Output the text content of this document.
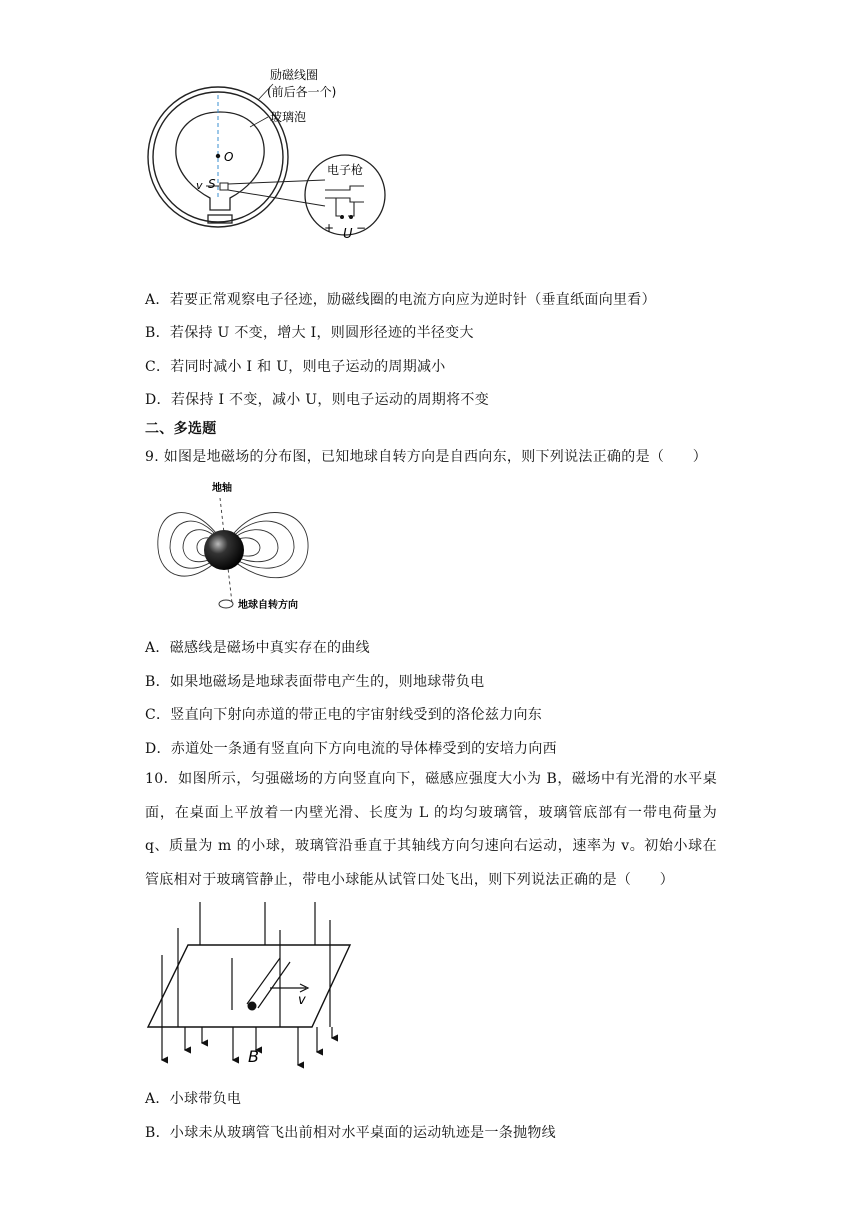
O
v S
+ U −
励磁线圈
(前后各一个)
玻璃泡
电子枪
A．若要正常观察电子径迹，励磁线圈的电流方向应为逆时针（垂直纸面向里看）
B．若保持 U 不变，增大 I，则圆形径迹的半径变大
C．若同时减小 I 和 U，则电子运动的周期减小
D．若保持 I 不变，减小 U，则电子运动的周期将不变
二、多选题
9. 如图是地磁场的分布图，已知地球自转方向是自西向东，则下列说法正确的是（　　）
地轴
地球自转方向
A．磁感线是磁场中真实存在的曲线
B．如果地磁场是地球表面带电产生的，则地球带负电
C．竖直向下射向赤道的带正电的宇宙射线受到的洛伦兹力向东
D．赤道处一条通有竖直向下方向电流的导体棒受到的安培力向西
10．如图所示，匀强磁场的方向竖直向下，磁感应强度大小为 B，磁场中有光滑的水平桌面，在桌面上平放着一内壁光滑、长度为 L 的均匀玻璃管，玻璃管底部有一带电荷量为 q、质量为 m 的小球，玻璃管沿垂直于其轴线方向匀速向右运动，速率为 v。初始小球在管底相对于玻璃管静止，带电小球能从试管口处飞出，则下列说法正确的是（　　）
v
B
A．小球带负电
B．小球未从玻璃管飞出前相对水平桌面的运动轨迹是一条抛物线
